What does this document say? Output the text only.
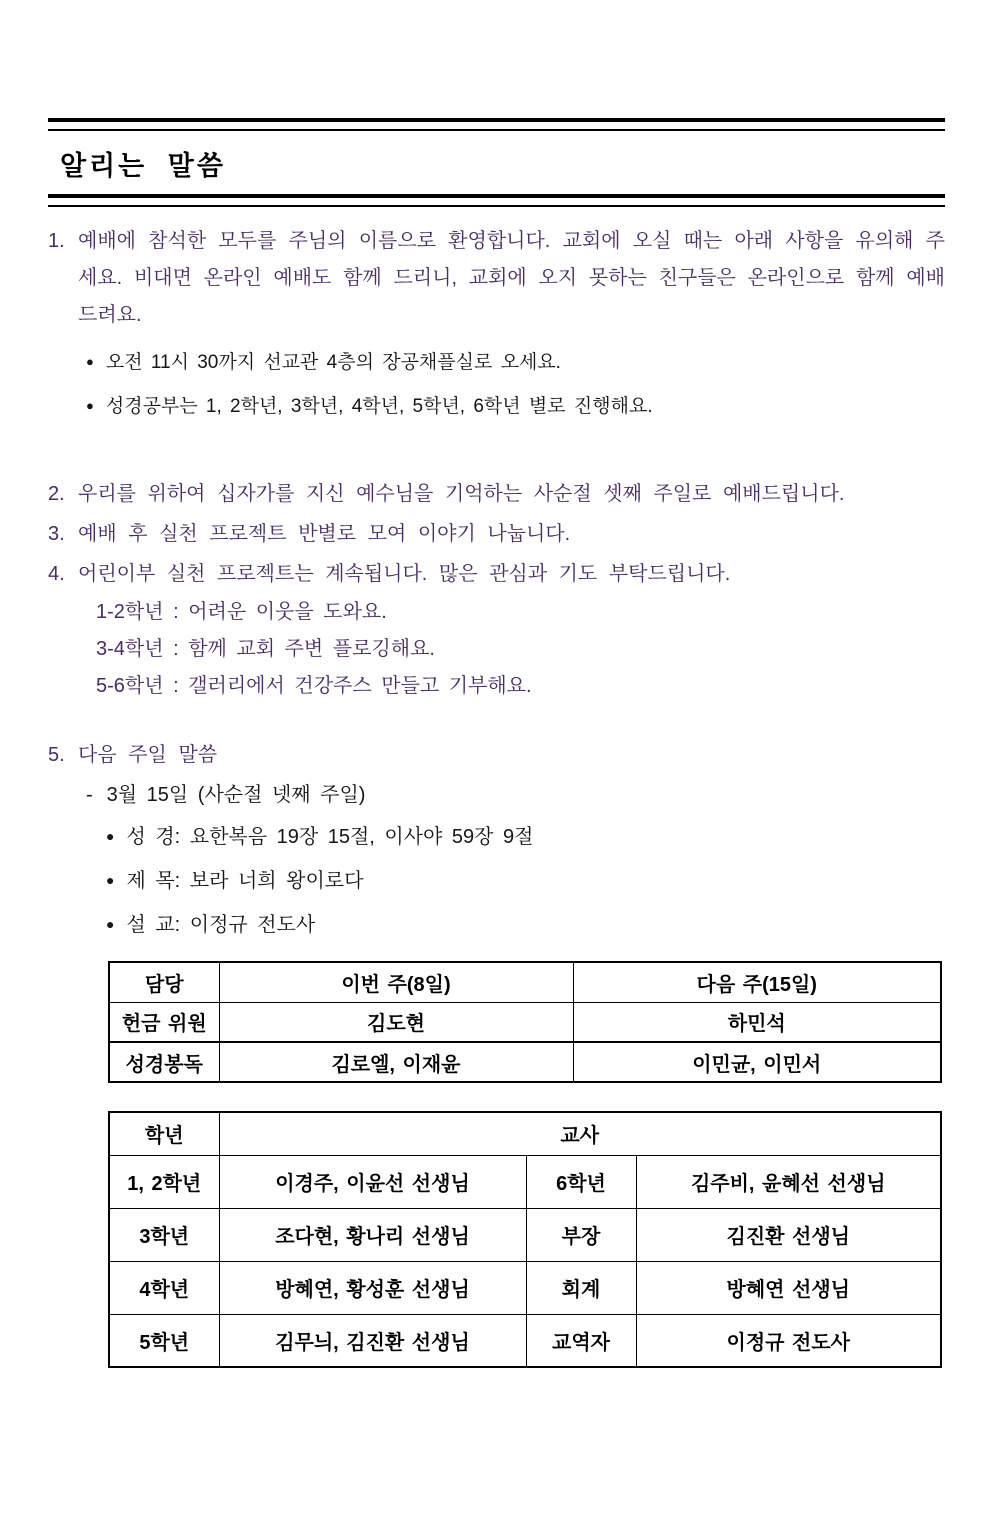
알리는 말씀
1. 예배에 참석한 모두를 주님의 이름으로 환영합니다. 교회에 오실 때는 아래 사항을 유의해 주세요. 비대면 온라인 예배도 함께 드리니, 교회에 오지 못하는 친구들은 온라인으로 함께 예배드려요.
● 오전 11시 30까지 선교관 4층의 장공채플실로 오세요.
● 성경공부는 1, 2학년, 3학년, 4학년, 5학년, 6학년 별로 진행해요.
2. 우리를 위하여 십자가를 지신 예수님을 기억하는 사순절 셋째 주일로 예배드립니다.
3. 예배 후 실천 프로젝트 반별로 모여 이야기 나눕니다.
4. 어린이부 실천 프로젝트는 계속됩니다. 많은 관심과 기도 부탁드립니다.
1-2학년 : 어려운 이웃을 도와요.
3-4학년 : 함께 교회 주변 플로깅해요.
5-6학년 : 갤러리에서 건강주스 만들고 기부해요.
5. 다음 주일 말씀
- 3월 15일 (사순절 넷째 주일)
● 성 경: 요한복음 19장 15절, 이사야 59장 9절
● 제 목: 보라 너희 왕이로다
● 설 교: 이정규 전도사
담당	이번 주(8일)	다음 주(15일)
헌금 위원	김도현	하민석
성경봉독	김로엘, 이재윤	이민균, 이민서
학년	교사		
1, 2학년	이경주, 이윤선 선생님	6학년	김주비, 윤혜선 선생님
3학년	조다현, 황나리 선생님	부장	김진환 선생님
4학년	방혜연, 황성훈 선생님	회계	방혜연 선생님
5학년	김무늬, 김진환 선생님	교역자	이정규 전도사
